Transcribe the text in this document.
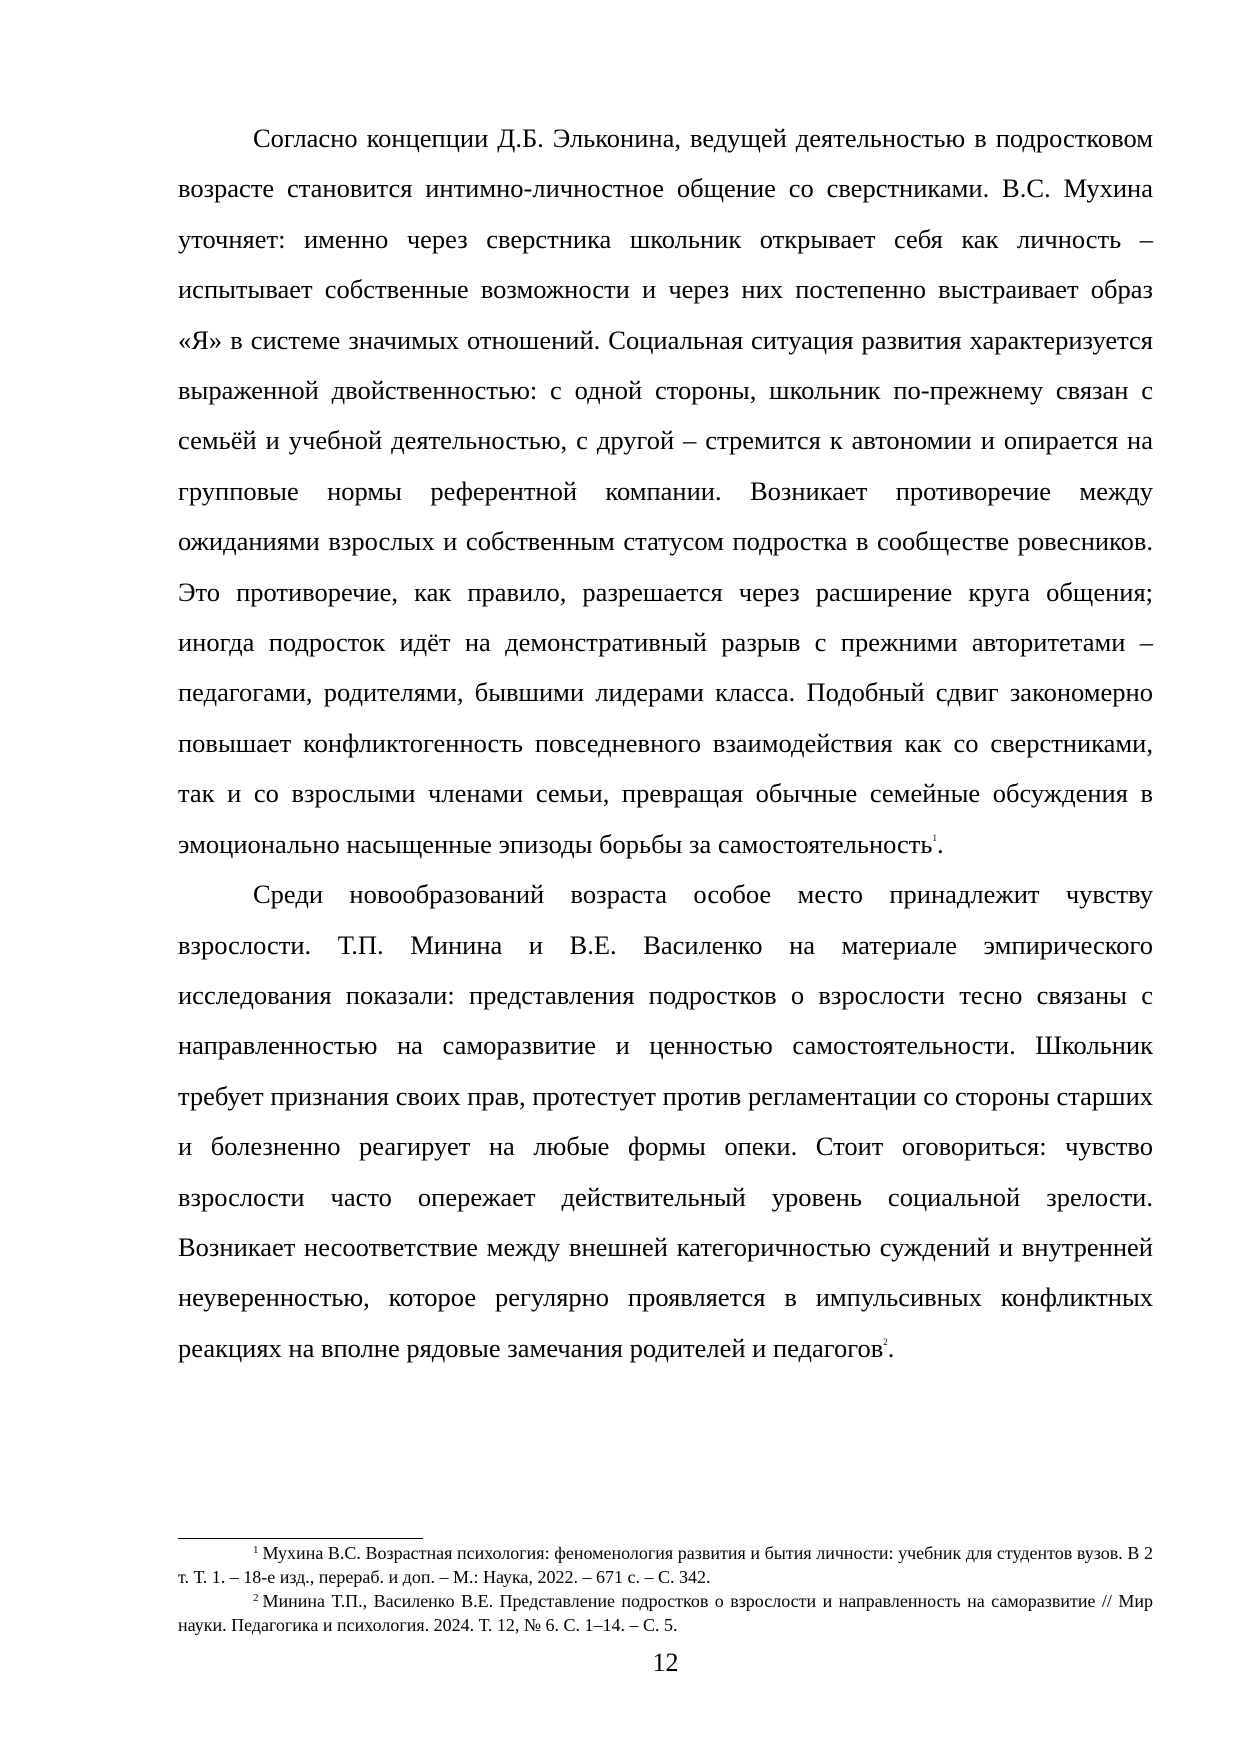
Согласно концепции Д.Б. Эльконина, ведущей деятельностью в подростковом возрасте становится интимно-личностное общение со сверстниками. В.С. Мухина уточняет: именно через сверстника школьник открывает себя как личность – испытывает собственные возможности и через них постепенно выстраивает образ «Я» в системе значимых отношений. Социальная ситуация развития характеризуется выраженной двойственностью: с одной стороны, школьник по-прежнему связан с семьёй и учебной деятельностью, с другой – стремится к автономии и опирается на групповые нормы референтной компании. Возникает противоречие между ожиданиями взрослых и собственным статусом подростка в сообществе ровесников. Это противоречие, как правило, разрешается через расширение круга общения; иногда подросток идёт на демонстративный разрыв с прежними авторитетами – педагогами, родителями, бывшими лидерами класса. Подобный сдвиг закономерно повышает конфликтогенность повседневного взаимодействия как со сверстниками, так и со взрослыми членами семьи, превращая обычные семейные обсуждения в эмоционально насыщенные эпизоды борьбы за самостоятельность$^1$.

Среди новообразований возраста особое место принадлежит чувству взрослости. Т.П. Минина и В.Е. Василенко на материале эмпирического исследования показали: представления подростков о взрослости тесно связаны с направленностью на саморазвитие и ценностью самостоятельности. Школьник требует признания своих прав, протестует против регламентации со стороны старших и болезненно реагирует на любые формы опеки. Стоит оговориться: чувство взрослости часто опережает действительный уровень социальной зрелости. Возникает несоответствие между внешней категоричностью суждений и внутренней неуверенностью, которое регулярно проявляется в импульсивных конфликтных реакциях на вполне рядовые замечания родителей и педагогов$^2$.

$^1$ Мухина В.С. Возрастная психология: феноменология развития и бытия личности: учебник для студентов вузов. В 2 т. Т. 1. – 18-е изд., перераб. и доп. – М.: Наука, 2022. – 671 с. – С. 342.

$^2$ Минина Т.П., Василенко В.Е. Представление подростков о взрослости и направленность на саморазвитие // Мир науки. Педагогика и психология. 2024. Т. 12, № 6. С. 1–14. – С. 5.

12
